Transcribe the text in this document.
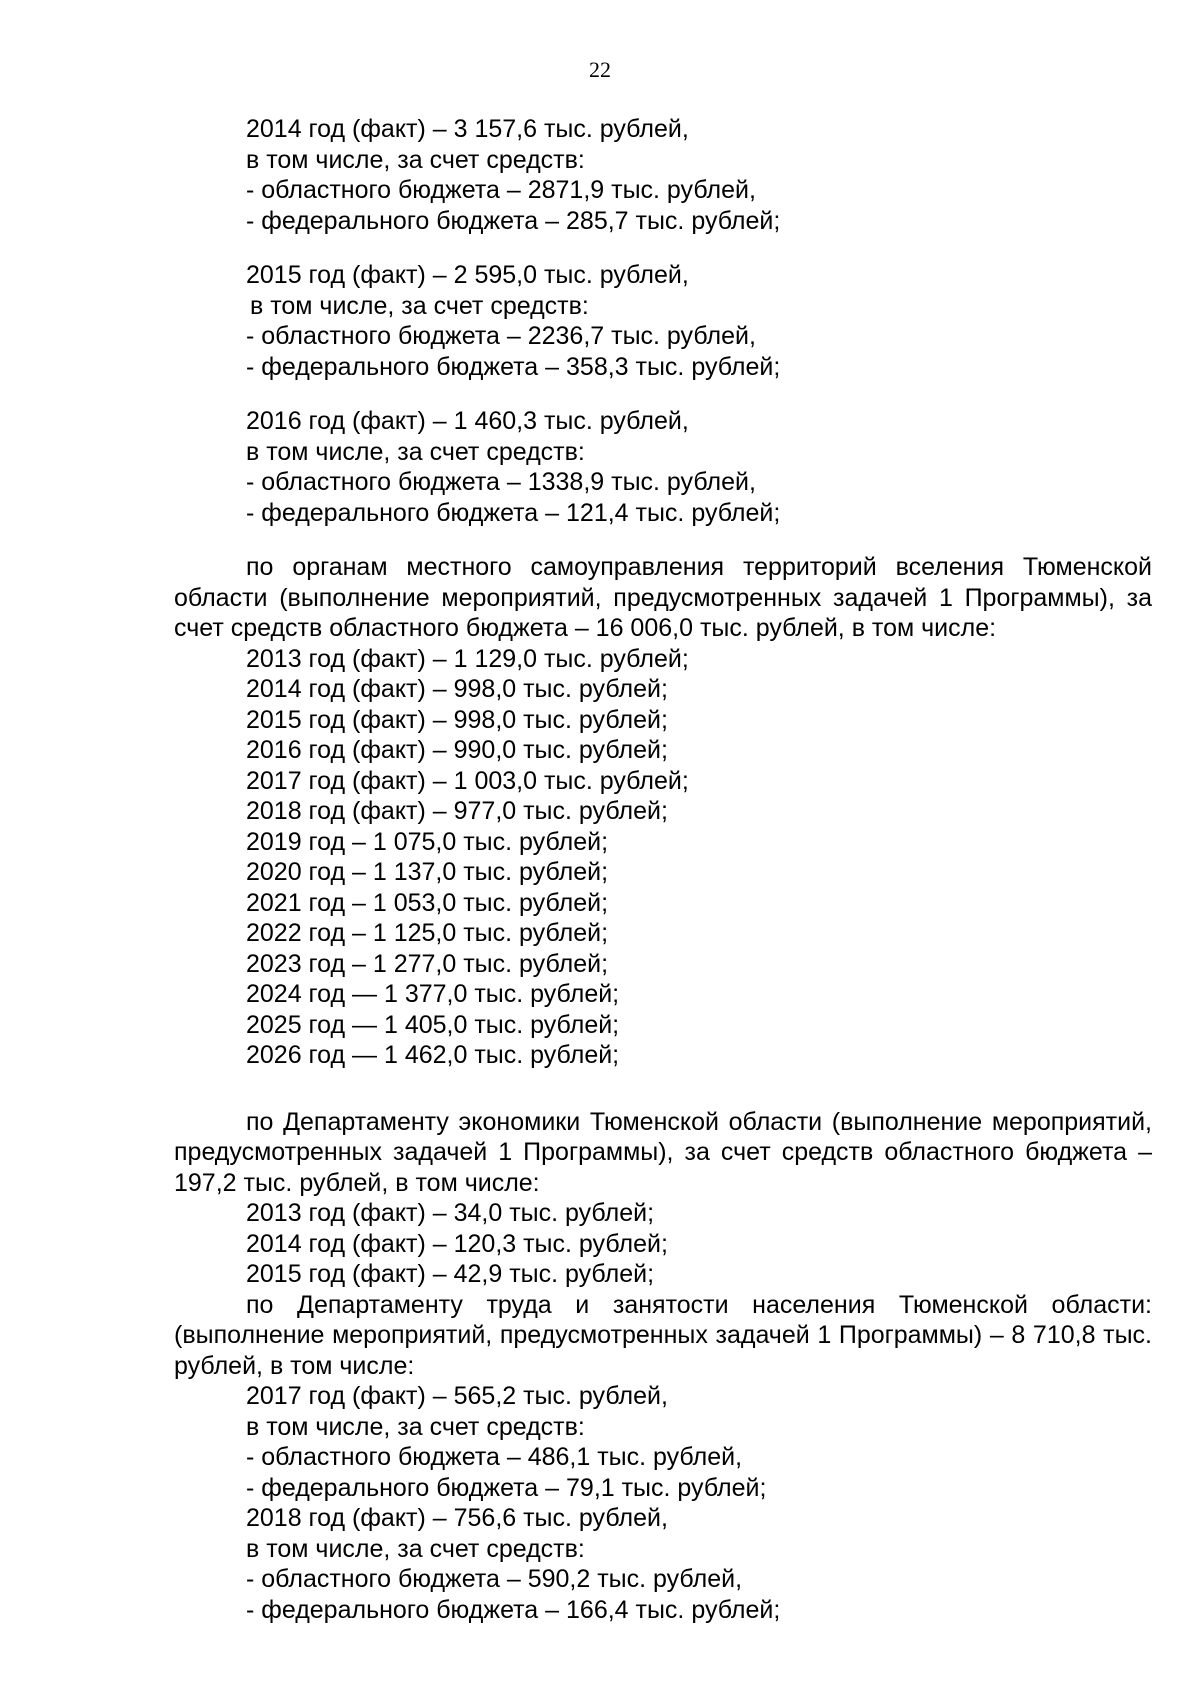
22
2014 год (факт) – 3 157,6 тыс. рублей,
в том числе, за счет средств:
- областного бюджета – 2871,9 тыс. рублей,
- федерального бюджета – 285,7 тыс. рублей;
2015 год (факт) – 2 595,0 тыс. рублей,
в том числе, за счет средств:
- областного бюджета – 2236,7 тыс. рублей,
- федерального бюджета – 358,3 тыс. рублей;
2016 год (факт) – 1 460,3 тыс. рублей,
в том числе, за счет средств:
- областного бюджета – 1338,9 тыс. рублей,
- федерального бюджета – 121,4 тыс. рублей;
по органам местного самоуправления территорий вселения Тюменской области (выполнение мероприятий, предусмотренных задачей 1 Программы), за счет средств областного бюджета – 16 006,0 тыс. рублей, в том числе:
2013 год (факт) – 1 129,0 тыс. рублей;
2014 год (факт) – 998,0 тыс. рублей;
2015 год (факт) – 998,0 тыс. рублей;
2016 год (факт) – 990,0 тыс. рублей;
2017 год (факт) – 1 003,0 тыс. рублей;
2018 год (факт) – 977,0 тыс. рублей;
2019 год – 1 075,0 тыс. рублей;
2020 год – 1 137,0 тыс. рублей;
2021 год – 1 053,0 тыс. рублей;
2022 год – 1 125,0 тыс. рублей;
2023 год – 1 277,0 тыс. рублей;
2024 год — 1 377,0 тыс. рублей;
2025 год — 1 405,0 тыс. рублей;
2026 год — 1 462,0 тыс. рублей;
по Департаменту экономики Тюменской области (выполнение мероприятий, предусмотренных задачей 1 Программы), за счет средств областного бюджета – 197,2 тыс. рублей, в том числе:
2013 год (факт) – 34,0 тыс. рублей;
2014 год (факт) – 120,3 тыс. рублей;
2015 год (факт) – 42,9 тыс. рублей;
по Департаменту труда и занятости населения Тюменской области: (выполнение мероприятий, предусмотренных задачей 1 Программы) – 8 710,8 тыс. рублей, в том числе:
2017 год (факт) – 565,2 тыс. рублей,
в том числе, за счет средств:
- областного бюджета – 486,1 тыс. рублей,
- федерального бюджета – 79,1 тыс. рублей;
2018 год (факт) – 756,6 тыс. рублей,
в том числе, за счет средств:
- областного бюджета – 590,2 тыс. рублей,
- федерального бюджета – 166,4 тыс. рублей;
